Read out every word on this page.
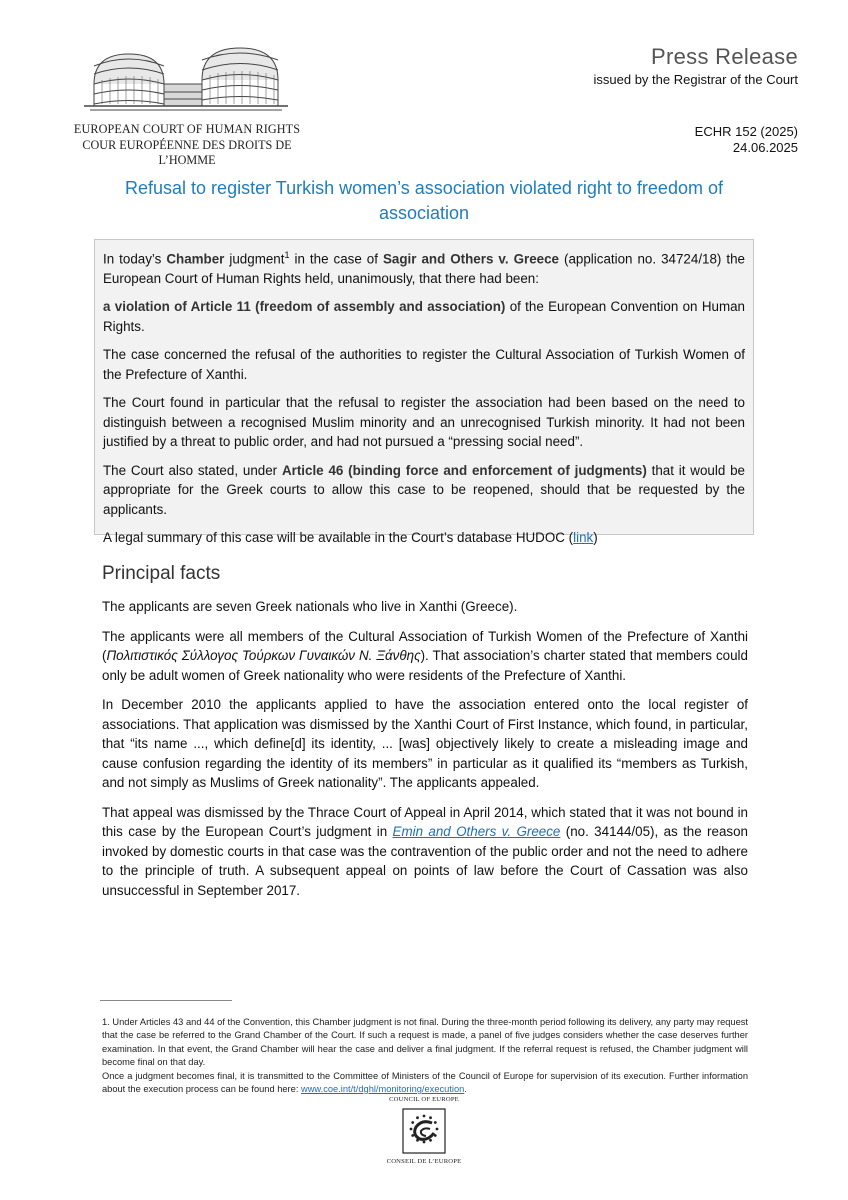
EUROPEAN COURT OF HUMAN RIGHTS
COUR EUROPÉENNE DES DROITS DE L’HOMME
Press Release
issued by the Registrar of the Court
ECHR 152 (2025)
24.06.2025
Refusal to register Turkish women’s association violated right to freedom of association

In today’s Chamber judgment$^1$ in the case of Sagir and Others v. Greece (application no. 34724/18) the European Court of Human Rights held, unanimously, that there had been:

a violation of Article 11 (freedom of assembly and association) of the European Convention on Human Rights.

The case concerned the refusal of the authorities to register the Cultural Association of Turkish Women of the Prefecture of Xanthi.

The Court found in particular that the refusal to register the association had been based on the need to distinguish between a recognised Muslim minority and an unrecognised Turkish minority. It had not been justified by a threat to public order, and had not pursued a “pressing social need”.

The Court also stated, under Article 46 (binding force and enforcement of judgments) that it would be appropriate for the Greek courts to allow this case to be reopened, should that be requested by the applicants.

A legal summary of this case will be available in the Court’s database HUDOC (link)

Principal facts

The applicants are seven Greek nationals who live in Xanthi (Greece).

The applicants were all members of the Cultural Association of Turkish Women of the Prefecture of Xanthi (Πολιτιστικός Σύλλογος Τούρκων Γυναικών Ν. Ξάνθης). That association’s charter stated that members could only be adult women of Greek nationality who were residents of the Prefecture of Xanthi.

In December 2010 the applicants applied to have the association entered onto the local register of associations. That application was dismissed by the Xanthi Court of First Instance, which found, in particular, that “its name ..., which define[d] its identity, ... [was] objectively likely to create a misleading image and cause confusion regarding the identity of its members” in particular as it qualified its “members as Turkish, and not simply as Muslims of Greek nationality”. The applicants appealed.

That appeal was dismissed by the Thrace Court of Appeal in April 2014, which stated that it was not bound in this case by the European Court’s judgment in Emin and Others v. Greece (no. 34144/05), as the reason invoked by domestic courts in that case was the contravention of the public order and not the need to adhere to the principle of truth. A subsequent appeal on points of law before the Court of Cassation was also unsuccessful in September 2017.

1. Under Articles 43 and 44 of the Convention, this Chamber judgment is not final. During the three-month period following its delivery, any party may request that the case be referred to the Grand Chamber of the Court. If such a request is made, a panel of five judges considers whether the case deserves further examination. In that event, the Grand Chamber will hear the case and deliver a final judgment. If the referral request is refused, the Chamber judgment will become final on that day.

Once a judgment becomes final, it is transmitted to the Committee of Ministers of the Council of Europe for supervision of its execution. Further information about the execution process can be found here: www.coe.int/t/dghl/monitoring/execution.

COUNCIL OF EUROPE
CONSEIL DE L’EUROPE
